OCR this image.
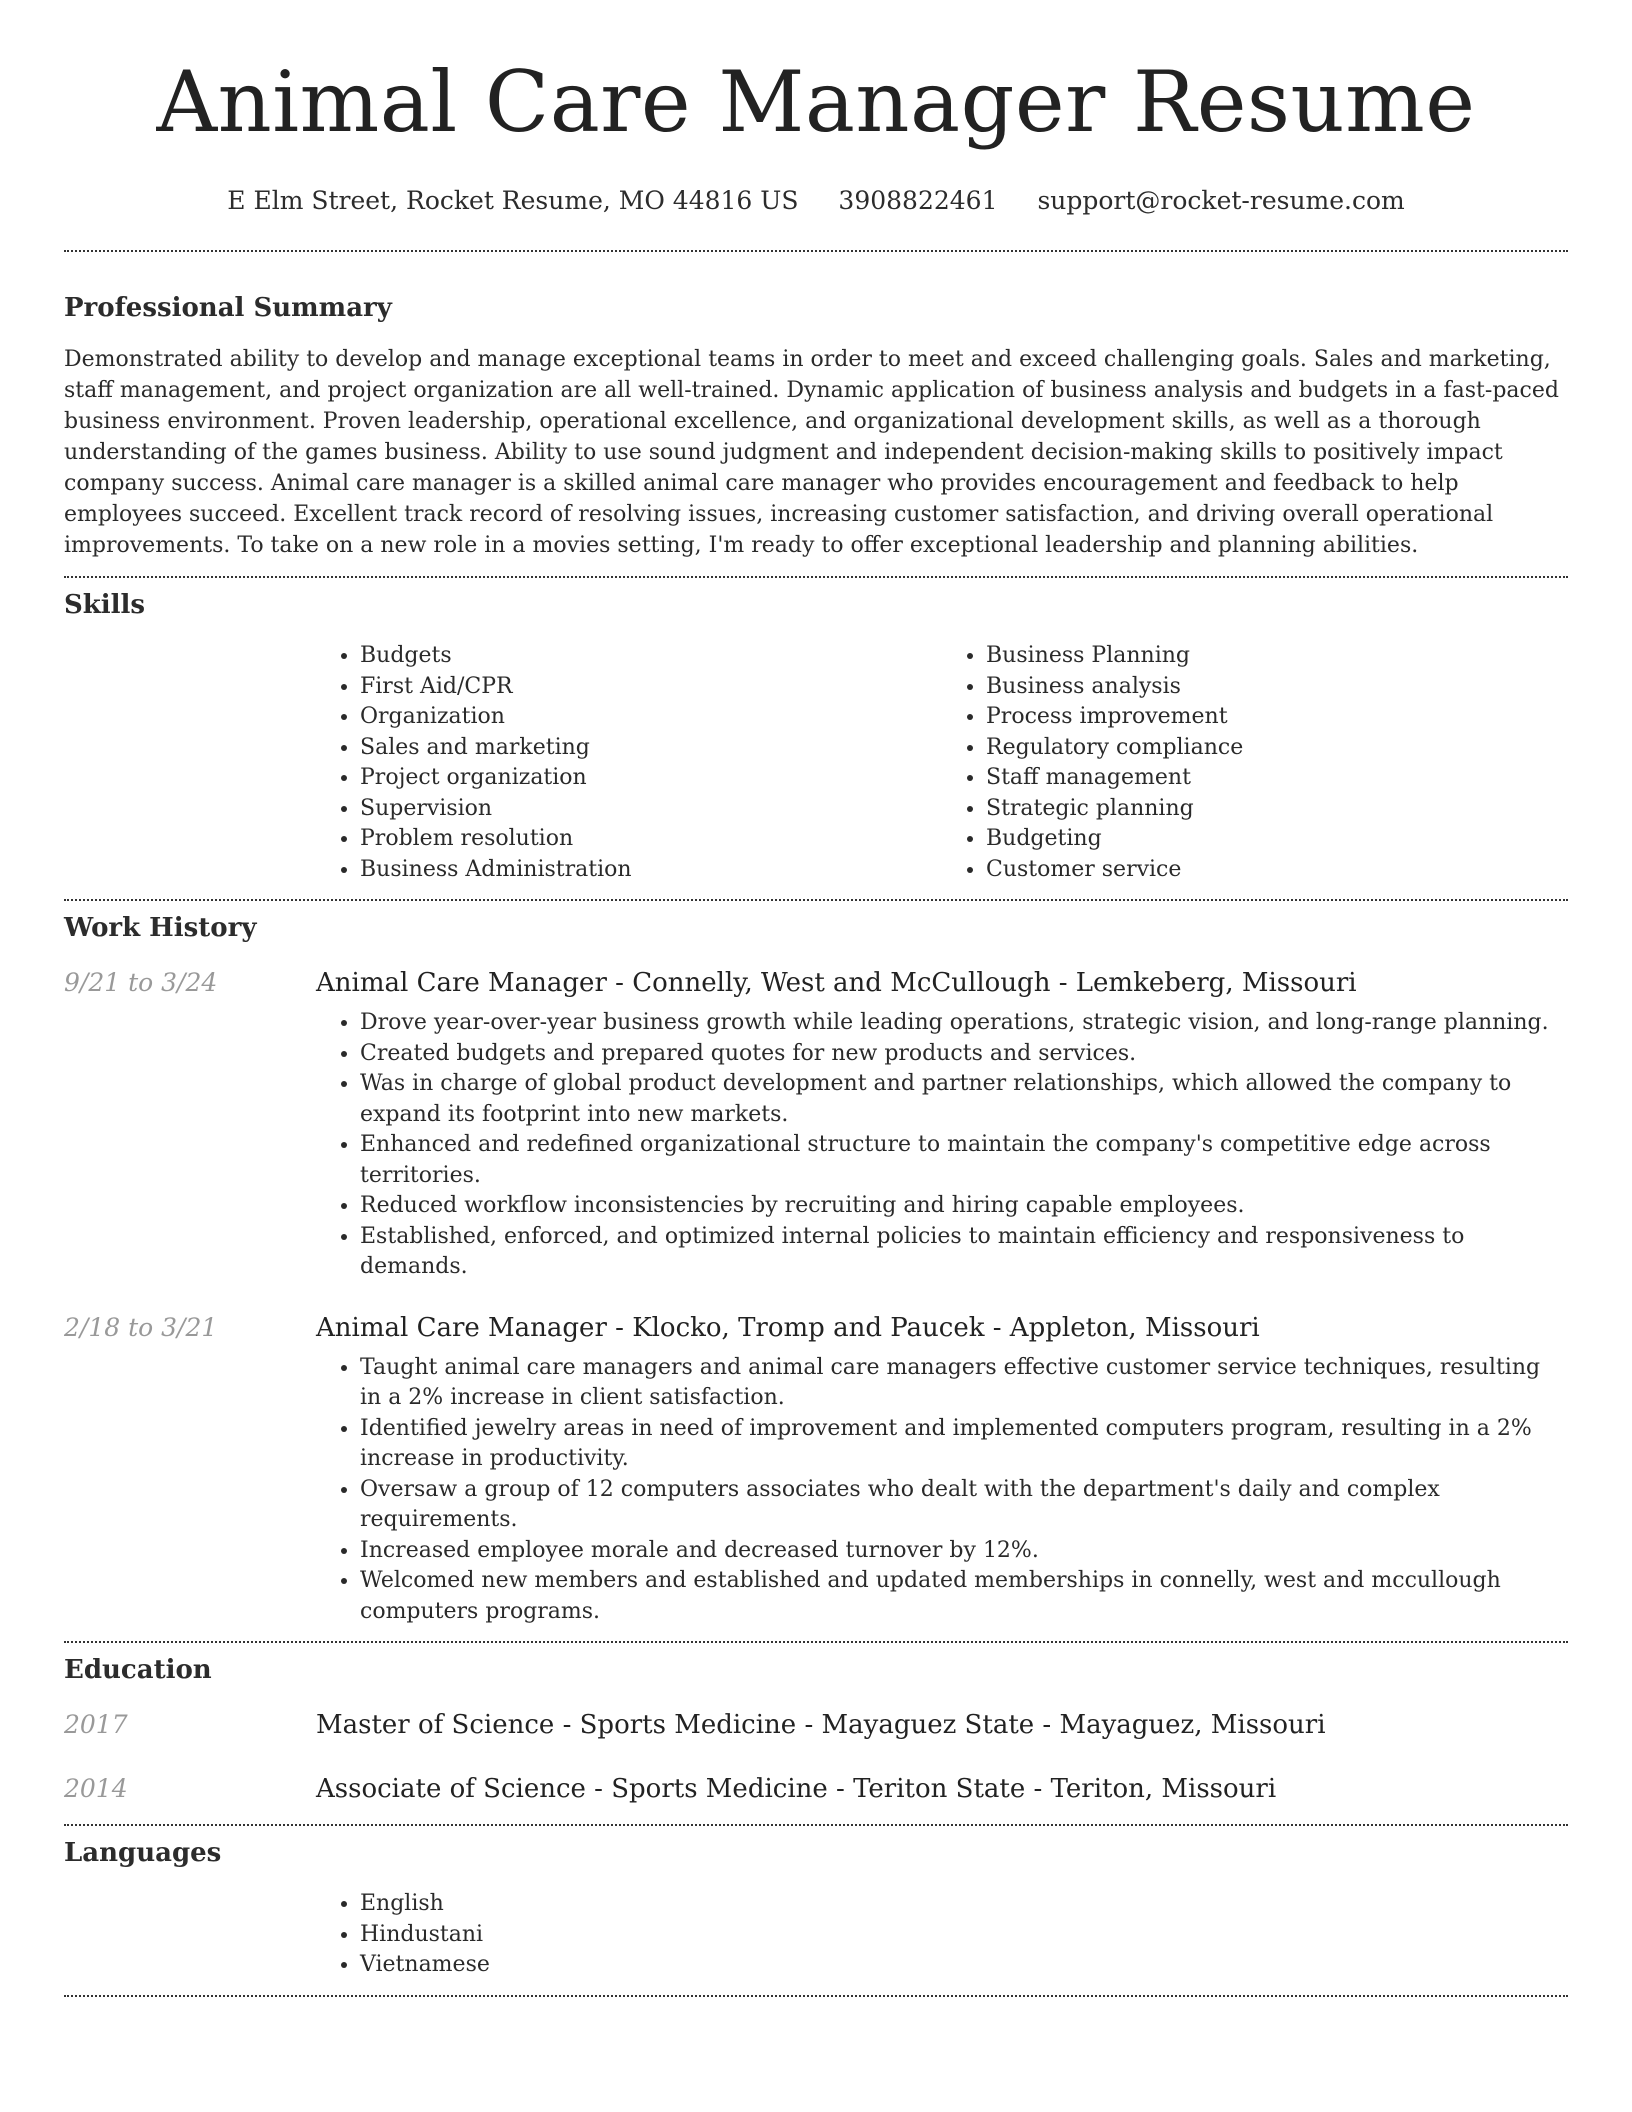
Animal Care Manager Resume
E Elm Street, Rocket Resume, MO 44816 US 3908822461 support@rocket-resume.com
Professional Summary

Demonstrated ability to develop and manage exceptional teams in order to meet and exceed challenging goals. Sales and marketing, staff management, and project organization are all well-trained. Dynamic application of business analysis and budgets in a fast-paced business environment. Proven leadership, operational excellence, and organizational development skills, as well as a thorough understanding of the games business. Ability to use sound judgment and independent decision-making skills to positively impact company success. Animal care manager is a skilled animal care manager who provides encouragement and feedback to help employees succeed. Excellent track record of resolving issues, increasing customer satisfaction, and driving overall operational improvements. To take on a new role in a movies setting, I'm ready to offer exceptional leadership and planning abilities.

Skills
• Budgets
• First Aid/CPR
• Organization
• Sales and marketing
• Project organization
• Supervision
• Problem resolution
• Business Administration
• Business Planning
• Business analysis
• Process improvement
• Regulatory compliance
• Staff management
• Strategic planning
• Budgeting
• Customer service
Work History
9/21 to 3/24	Animal Care Manager - Connelly, West and McCullough - Lemkeberg, Missouri
• Drove year-over-year business growth while leading operations, strategic vision, and long-range planning.
• Created budgets and prepared quotes for new products and services.
• Was in charge of global product development and partner relationships, which allowed the company to expand its footprint into new markets.
• Enhanced and redefined organizational structure to maintain the company's competitive edge across territories.
• Reduced workflow inconsistencies by recruiting and hiring capable employees.
• Established, enforced, and optimized internal policies to maintain efficiency and responsiveness to demands.
2/18 to 3/21	Animal Care Manager - Klocko, Tromp and Paucek - Appleton, Missouri
• Taught animal care managers and animal care managers effective customer service techniques, resulting in a 2% increase in client satisfaction.
• Identified jewelry areas in need of improvement and implemented computers program, resulting in a 2% increase in productivity.
• Oversaw a group of 12 computers associates who dealt with the department's daily and complex requirements.
• Increased employee morale and decreased turnover by 12%.
• Welcomed new members and established and updated memberships in connelly, west and mccullough computers programs.
Education
2017	Master of Science - Sports Medicine - Mayaguez State - Mayaguez, Missouri
2014	Associate of Science - Sports Medicine - Teriton State - Teriton, Missouri
Languages
• English
• Hindustani
• Vietnamese
